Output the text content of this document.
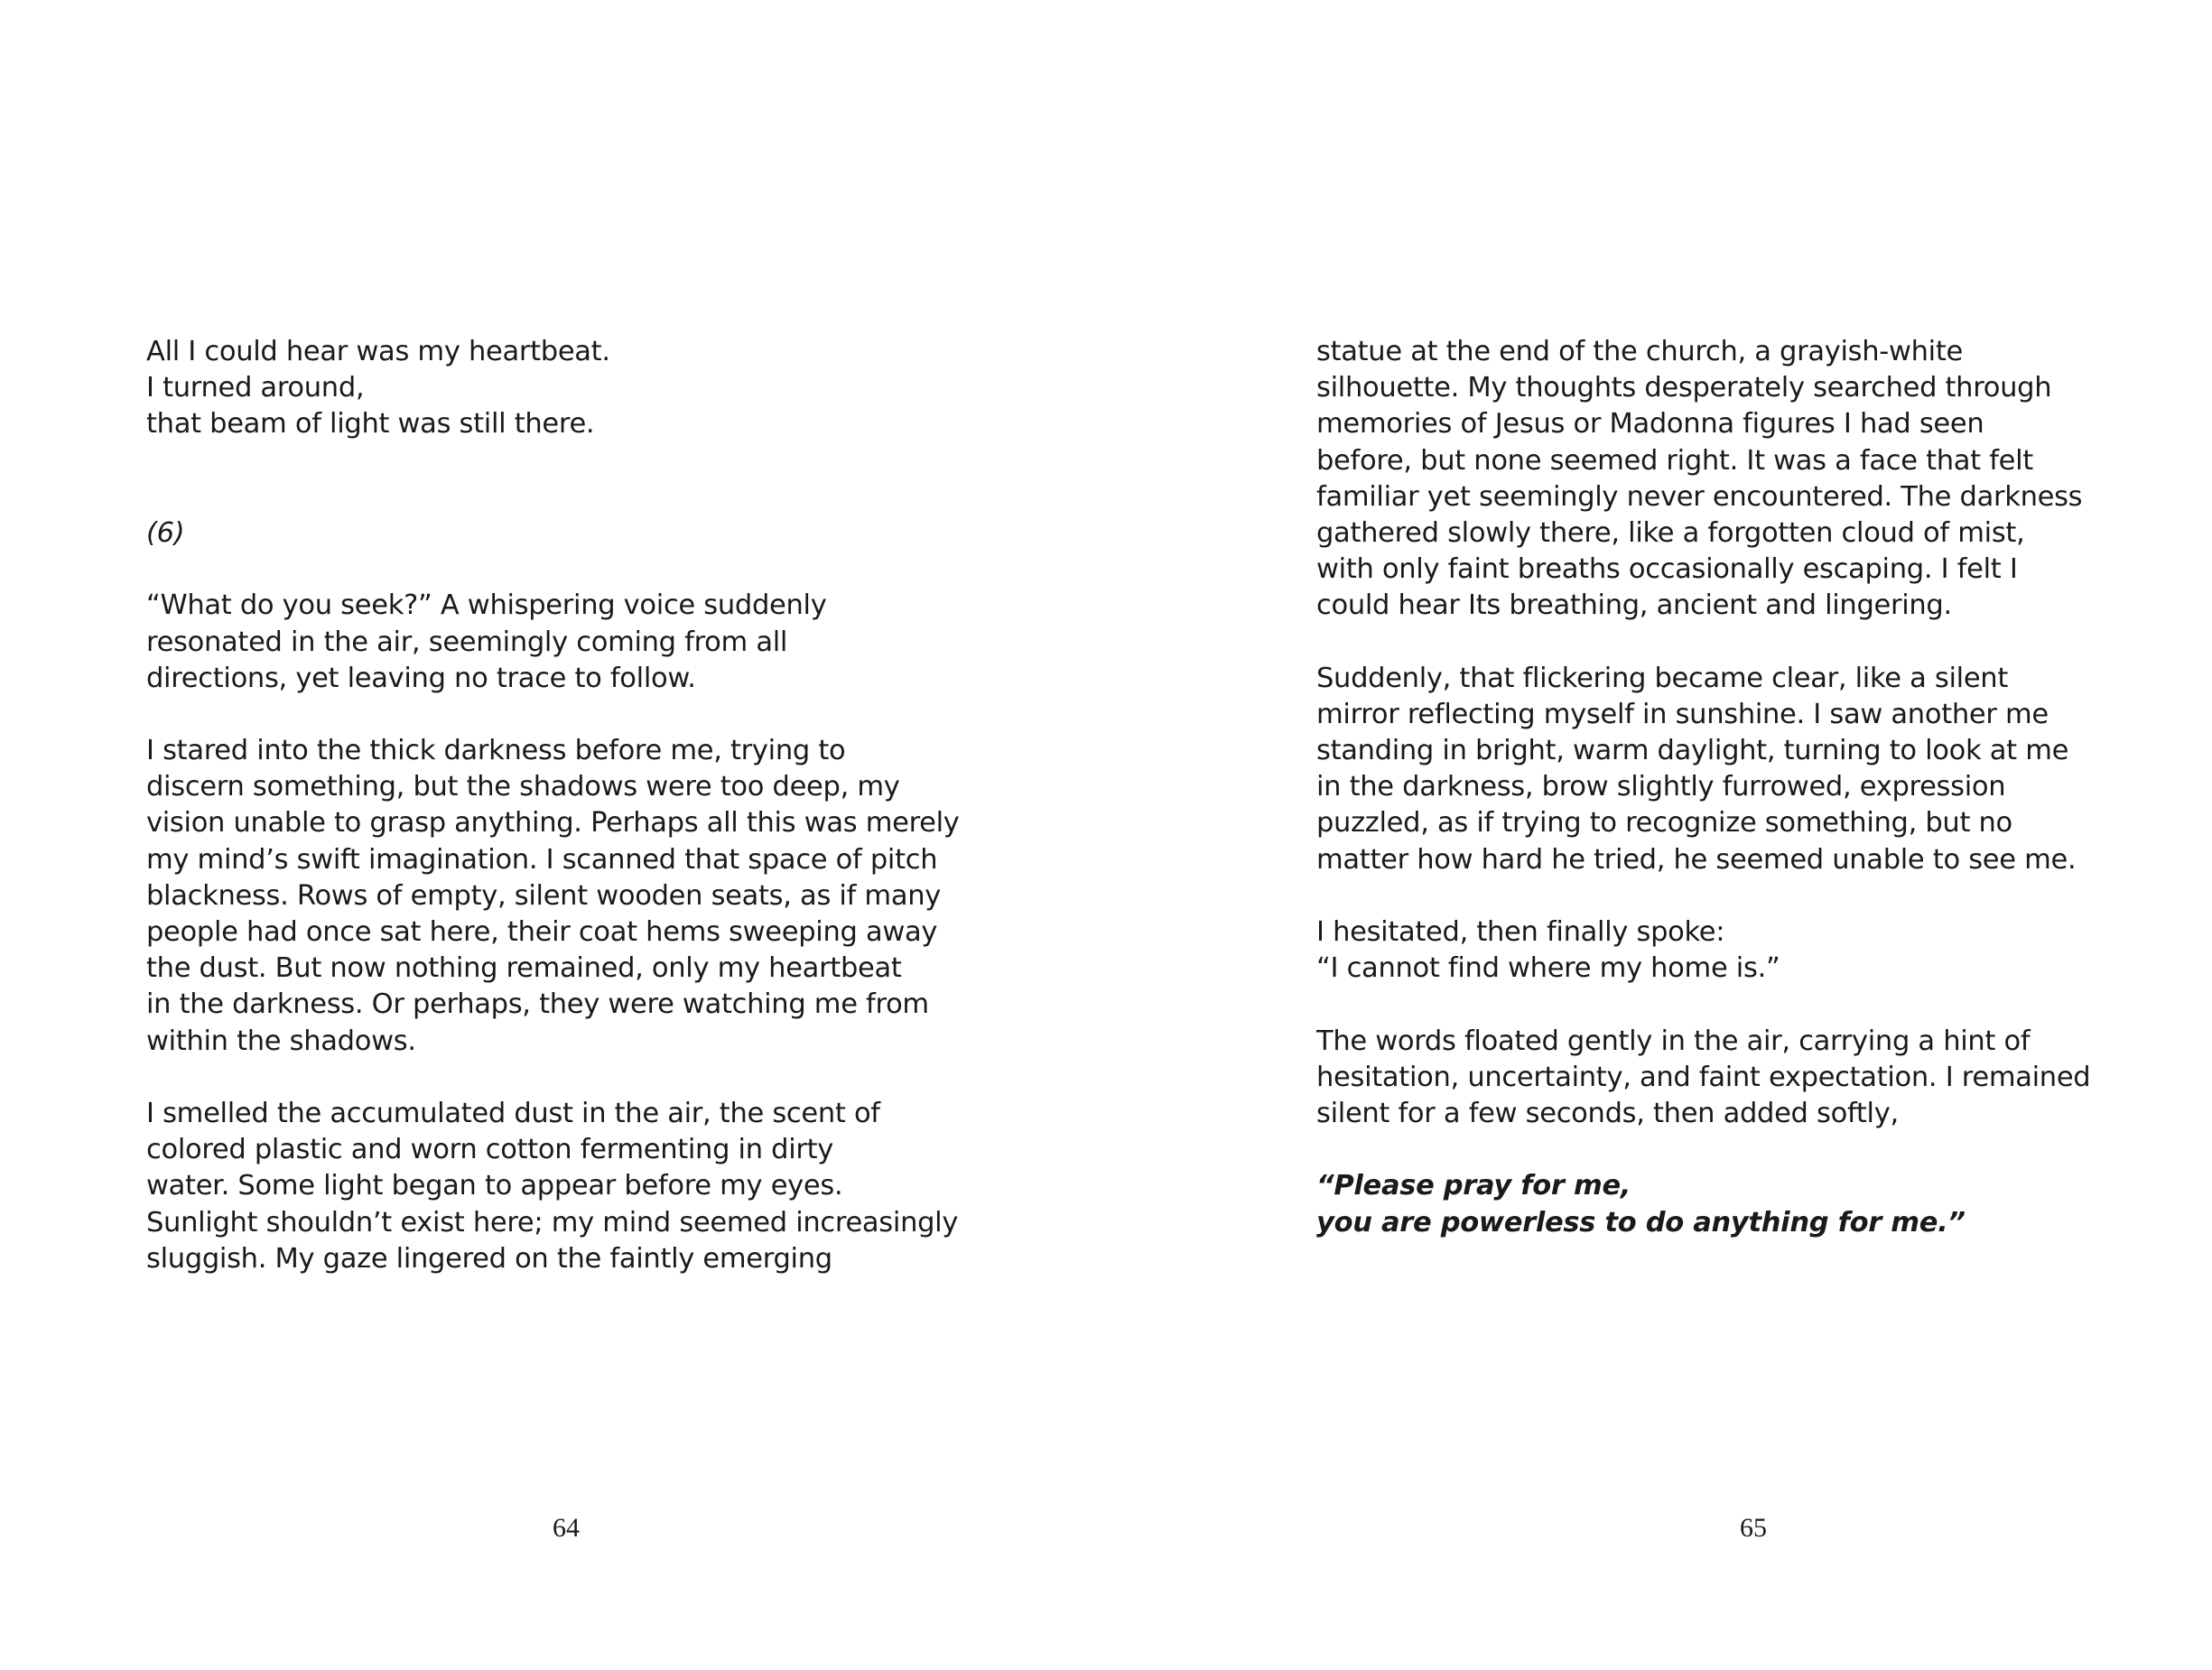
All I could hear was my heartbeat.
I turned around,
that beam of light was still there.
(6)
“What do you seek?” A whispering voice suddenly
resonated in the air, seemingly coming from all
directions, yet leaving no trace to follow.
I stared into the thick darkness before me, trying to
discern something, but the shadows were too deep, my
vision unable to grasp anything. Perhaps all this was merely
my mind’s swift imagination. I scanned that space of pitch
blackness. Rows of empty, silent wooden seats, as if many
people had once sat here, their coat hems sweeping away
the dust. But now nothing remained, only my heartbeat
in the darkness. Or perhaps, they were watching me from
within the shadows.
I smelled the accumulated dust in the air, the scent of
colored plastic and worn cotton fermenting in dirty
water. Some light began to appear before my eyes.
Sunlight shouldn’t exist here; my mind seemed increasingly
sluggish. My gaze lingered on the faintly emerging
64
statue at the end of the church, a grayish-white
silhouette. My thoughts desperately searched through
memories of Jesus or Madonna figures I had seen
before, but none seemed right. It was a face that felt
familiar yet seemingly never encountered. The darkness
gathered slowly there, like a forgotten cloud of mist,
with only faint breaths occasionally escaping. I felt I
could hear Its breathing, ancient and lingering.
Suddenly, that flickering became clear, like a silent
mirror reflecting myself in sunshine. I saw another me
standing in bright, warm daylight, turning to look at me
in the darkness, brow slightly furrowed, expression
puzzled, as if trying to recognize something, but no
matter how hard he tried, he seemed unable to see me.
I hesitated, then finally spoke:
“I cannot find where my home is.”
The words floated gently in the air, carrying a hint of
hesitation, uncertainty, and faint expectation. I remained
silent for a few seconds, then added softly,
“Please pray for me,
you are powerless to do anything for me.”
65
